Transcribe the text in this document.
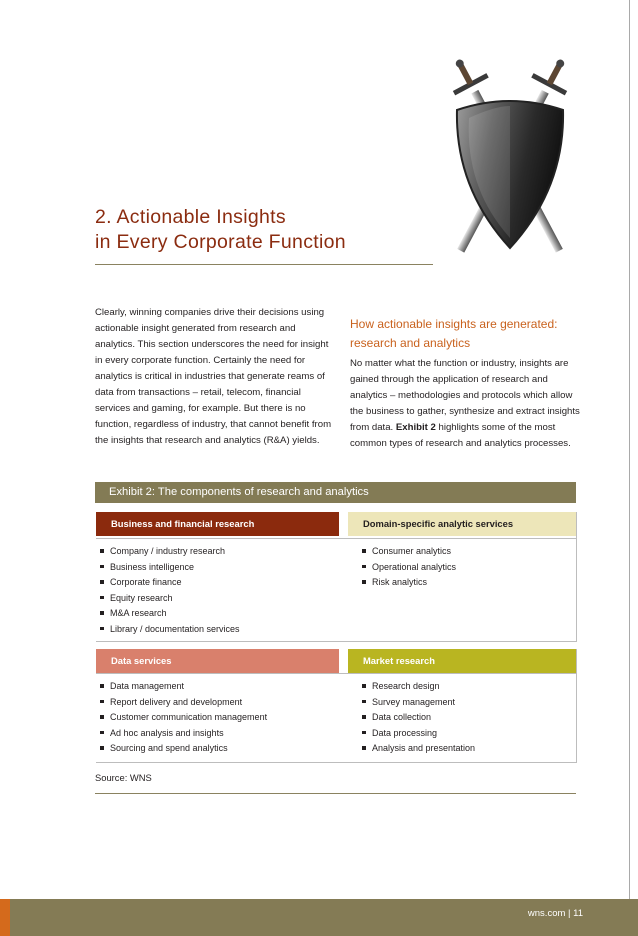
2. Actionable Insights
in Every Corporate Function
Clearly, winning companies drive their decisions using actionable insight generated from research and analytics. This section underscores the need for insight in every corporate function. Certainly the need for analytics is critical in industries that generate reams of data from transactions – retail, telecom, financial services and gaming, for example. But there is no function, regardless of industry, that cannot benefit from the insights that research and analytics (R&A) yields.
How actionable insights are generated: research and analytics
No matter what the function or industry, insights are gained through the application of research and analytics – methodologies and protocols which allow the business to gather, synthesize and extract insights from data. Exhibit 2 highlights some of the most common types of research and analytics processes.
Exhibit 2: The components of research and analytics
Business and financial research	Domain-specific analytic services
Company / industry research
Business intelligence
Corporate finance
Equity research
M&A research
Library / documentation services
Consumer analytics
Operational analytics
Risk analytics
Data services	Market research
Data management
Report delivery and development
Customer communication management
Ad hoc analysis and insights
Sourcing and spend analytics
Research design
Survey management
Data collection
Data processing
Analysis and presentation
Source: WNS
wns.com | 11
